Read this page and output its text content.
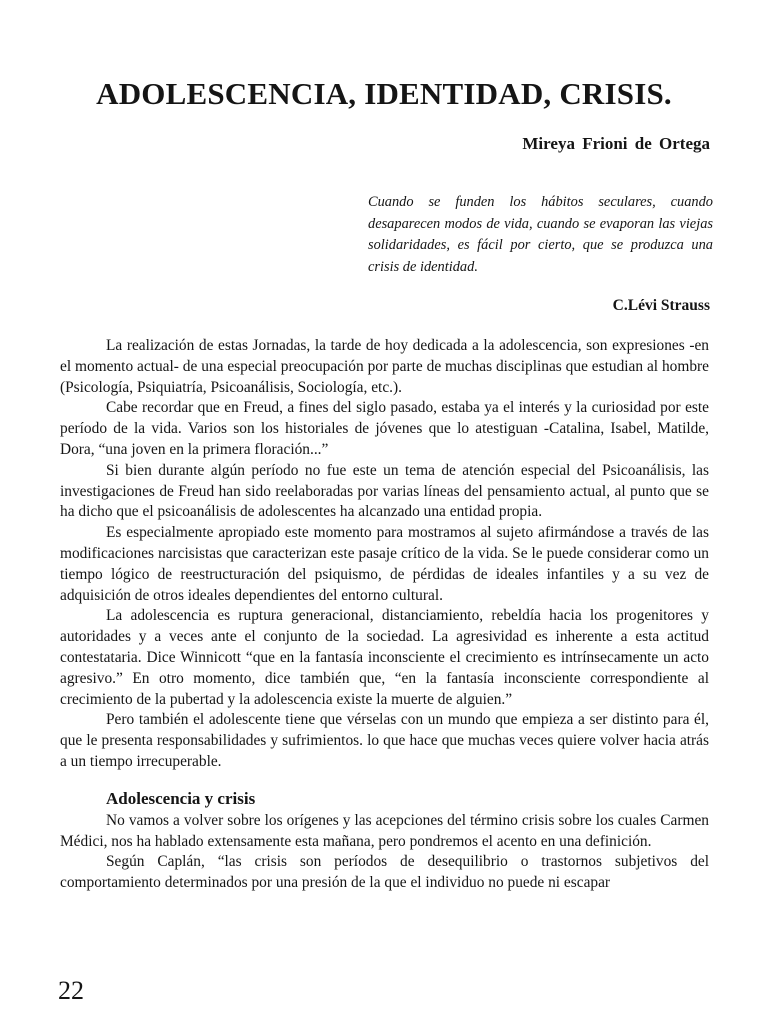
ADOLESCENCIA, IDENTIDAD, CRISIS.

Mireya Frioni de Ortega

Cuando se funden los hábitos seculares, cuando desaparecen modos de vida, cuando se evaporan las viejas solidaridades, es fácil por cierto, que se produzca una crisis de identidad.

C.Lévi Strauss

La realización de estas Jornadas, la tarde de hoy dedicada a la adolescencia, son expresiones -en el momento actual- de una especial preocupación por parte de muchas disciplinas que estudian al hombre (Psicología, Psiquiatría, Psicoanálisis, Sociología, etc.).

Cabe recordar que en Freud, a fines del siglo pasado, estaba ya el interés y la curiosidad por este período de la vida. Varios son los historiales de jóvenes que lo atestiguan -Catalina, Isabel, Matilde, Dora, “una joven en la primera floración...”

Si bien durante algún período no fue este un tema de atención especial del Psicoanálisis, las investigaciones de Freud han sido reelaboradas por varias líneas del pensamiento actual, al punto que se ha dicho que el psicoanálisis de adolescentes ha alcanzado una entidad propia.

Es especialmente apropiado este momento para mostramos al sujeto afirmándose a través de las modificaciones narcisistas que caracterizan este pasaje crítico de la vida. Se le puede considerar como un tiempo lógico de reestructuración del psiquismo, de pérdidas de ideales infantiles y a su vez de adquisición de otros ideales dependientes del entorno cultural.

La adolescencia es ruptura generacional, distanciamiento, rebeldía hacia los progenitores y autoridades y a veces ante el conjunto de la sociedad. La agresividad es inherente a esta actitud contestataria. Dice Winnicott “que en la fantasía inconsciente el crecimiento es intrínsecamente un acto agresivo.” En otro momento, dice también que, “en la fantasía inconsciente correspondiente al crecimiento de la pubertad y la adolescencia existe la muerte de alguien.”

Pero también el adolescente tiene que vérselas con un mundo que empieza a ser distinto para él, que le presenta responsabilidades y sufrimientos. lo que hace que muchas veces quiere volver hacia atrás a un tiempo irrecuperable.

Adolescencia y crisis

No vamos a volver sobre los orígenes y las acepciones del término crisis sobre los cuales Carmen Médici, nos ha hablado extensamente esta mañana, pero pondremos el acento en una definición.

Según Caplán, “las crisis son períodos de desequilibrio o trastornos subjetivos del comportamiento determinados por una presión de la que el individuo no puede ni escapar

22
